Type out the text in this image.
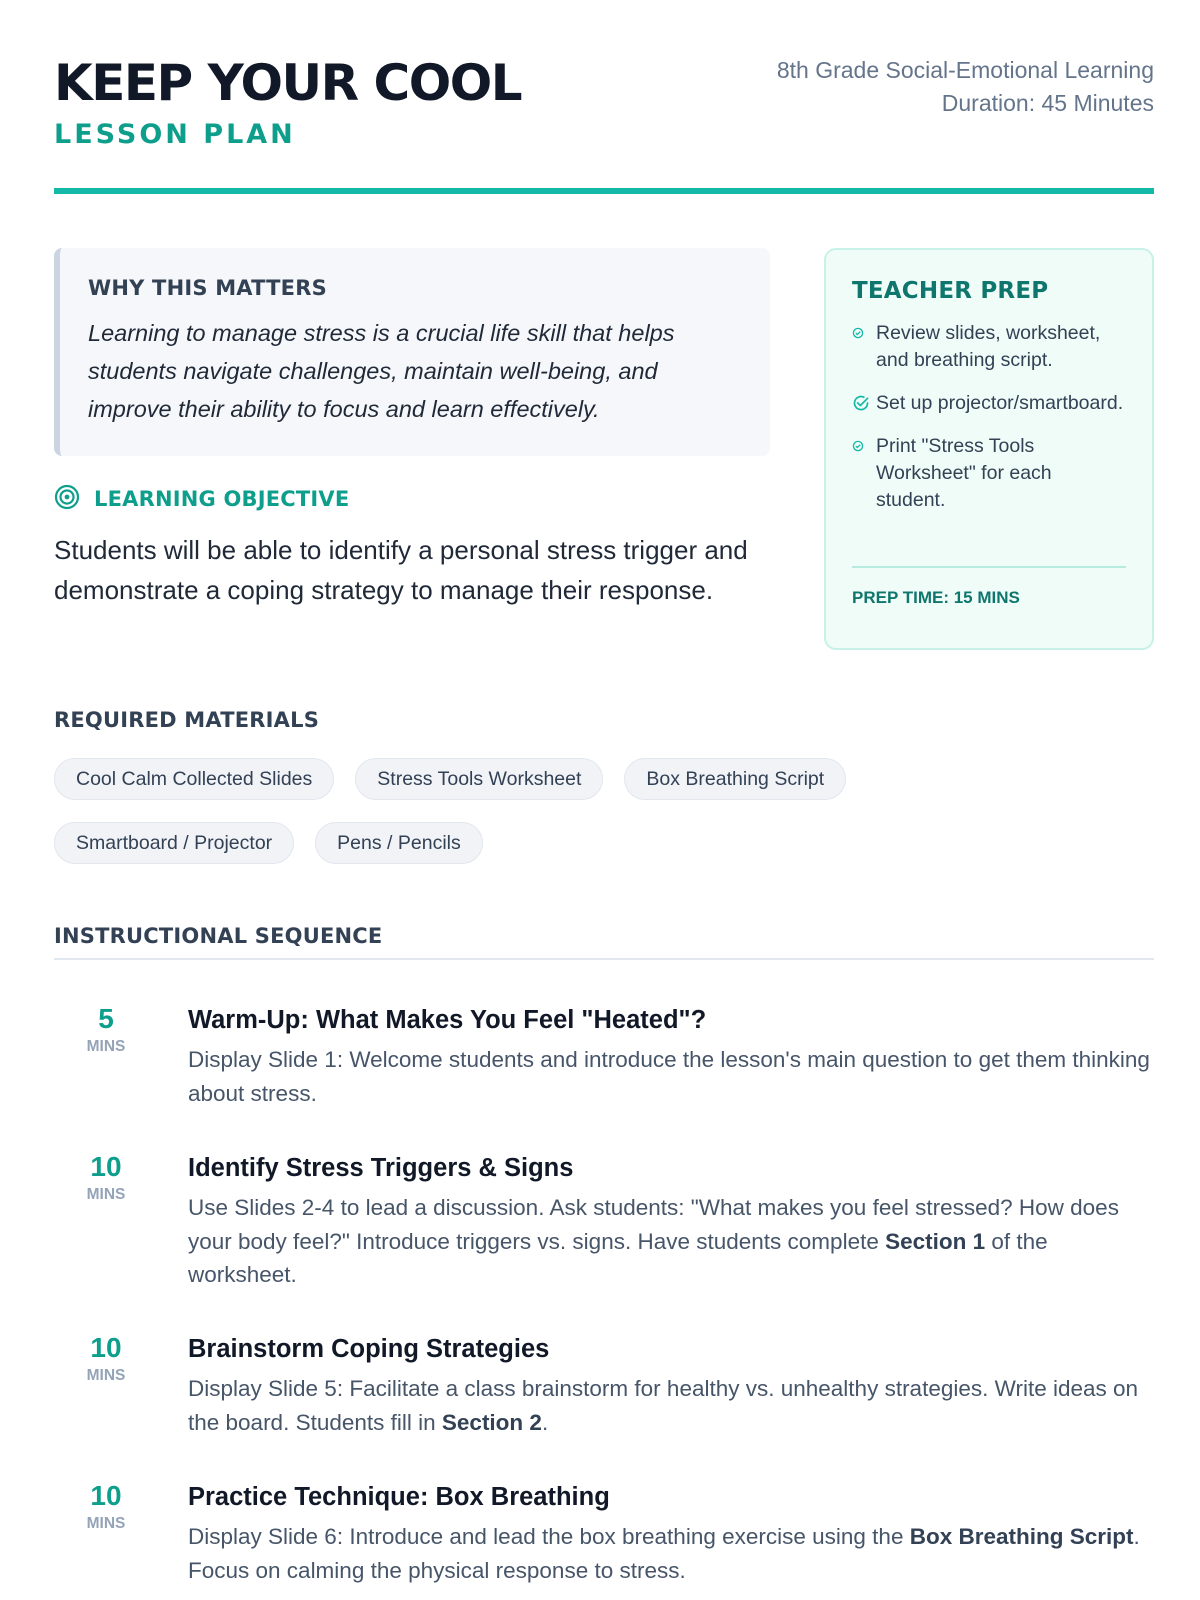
KEEP YOUR COOL
LESSON PLAN
8th Grade Social-Emotional Learning
Duration: 45 Minutes
WHY THIS MATTERS
Learning to manage stress is a crucial life skill that helps students navigate challenges, maintain well-being, and improve their ability to focus and learn effectively.
LEARNING OBJECTIVE
Students will be able to identify a personal stress trigger and demonstrate a coping strategy to manage their response.
TEACHER PREP
Review slides, worksheet, and breathing script.
Set up projector/smartboard.
Print "Stress Tools Worksheet" for each student.
PREP TIME: 15 MINS
REQUIRED MATERIALS
Cool Calm Collected Slides	Stress Tools Worksheet	Box Breathing Script
Smartboard / Projector	Pens / Pencils
INSTRUCTIONAL SEQUENCE
5
MINS
Warm-Up: What Makes You Feel "Heated"?
Display Slide 1: Welcome students and introduce the lesson's main question to get them thinking about stress.
10
MINS
Identify Stress Triggers & Signs
Use Slides 2-4 to lead a discussion. Ask students: "What makes you feel stressed? How does your body feel?" Introduce triggers vs. signs. Have students complete Section 1 of the worksheet.
10
MINS
Brainstorm Coping Strategies
Display Slide 5: Facilitate a class brainstorm for healthy vs. unhealthy strategies. Write ideas on the board. Students fill in Section 2.
10
MINS
Practice Technique: Box Breathing
Display Slide 6: Introduce and lead the box breathing exercise using the Box Breathing Script. Focus on calming the physical response to stress.
